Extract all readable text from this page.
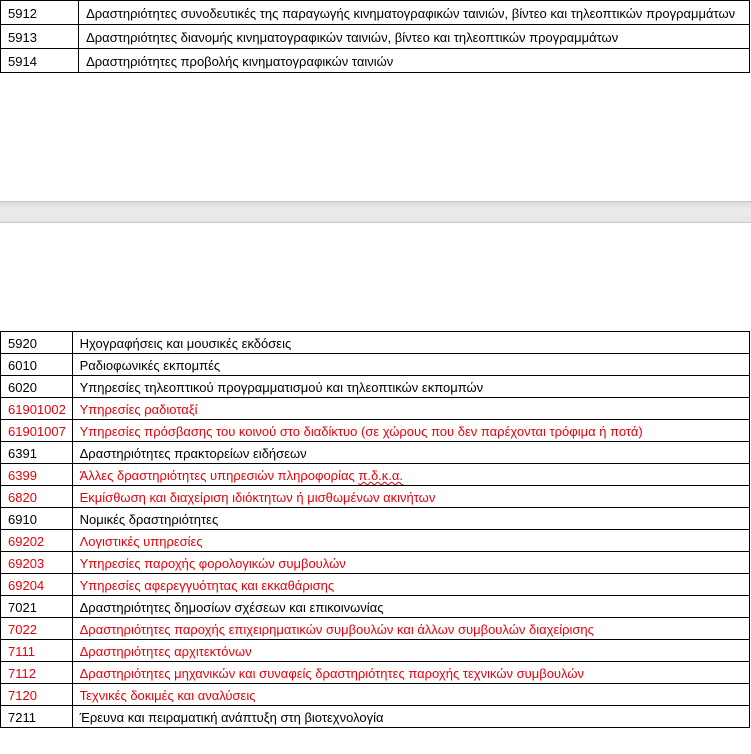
5912	Δραστηριότητες συνοδευτικές της παραγωγής κινηματογραφικών ταινιών, βίντεο και τηλεοπτικών προγραμμάτων
5913	Δραστηριότητες διανομής κινηματογραφικών ταινιών, βίντεο και τηλεοπτικών προγραμμάτων
5914	Δραστηριότητες προβολής κινηματογραφικών ταινιών
5920	Ηχογραφήσεις και μουσικές εκδόσεις
6010	Ραδιοφωνικές εκπομπές
6020	Υπηρεσίες τηλεοπτικού προγραμματισμού και τηλεοπτικών εκπομπών
61901002	Υπηρεσίες ραδιοταξί
61901007	Υπηρεσίες πρόσβασης του κοινού στο διαδίκτυο (σε χώρους που δεν παρέχονται τρόφιμα ή ποτά)
6391	Δραστηριότητες πρακτορείων ειδήσεων
6399	Άλλες δραστηριότητες υπηρεσιών πληροφορίας π.δ.κ.α.
6820	Εκμίσθωση και διαχείριση ιδιόκτητων ή μισθωμένων ακινήτων
6910	Νομικές δραστηριότητες
69202	Λογιστικές υπηρεσίες
69203	Υπηρεσίες παροχής φορολογικών συμβουλών
69204	Υπηρεσίες αφερεγγυότητας και εκκαθάρισης
7021	Δραστηριότητες δημοσίων σχέσεων και επικοινωνίας
7022	Δραστηριότητες παροχής επιχειρηματικών συμβουλών και άλλων συμβουλών διαχείρισης
7111	Δραστηριότητες αρχιτεκτόνων
7112	Δραστηριότητες μηχανικών και συναφείς δραστηριότητες παροχής τεχνικών συμβουλών
7120	Τεχνικές δοκιμές και αναλύσεις
7211	Έρευνα και πειραματική ανάπτυξη στη βιοτεχνολογία
